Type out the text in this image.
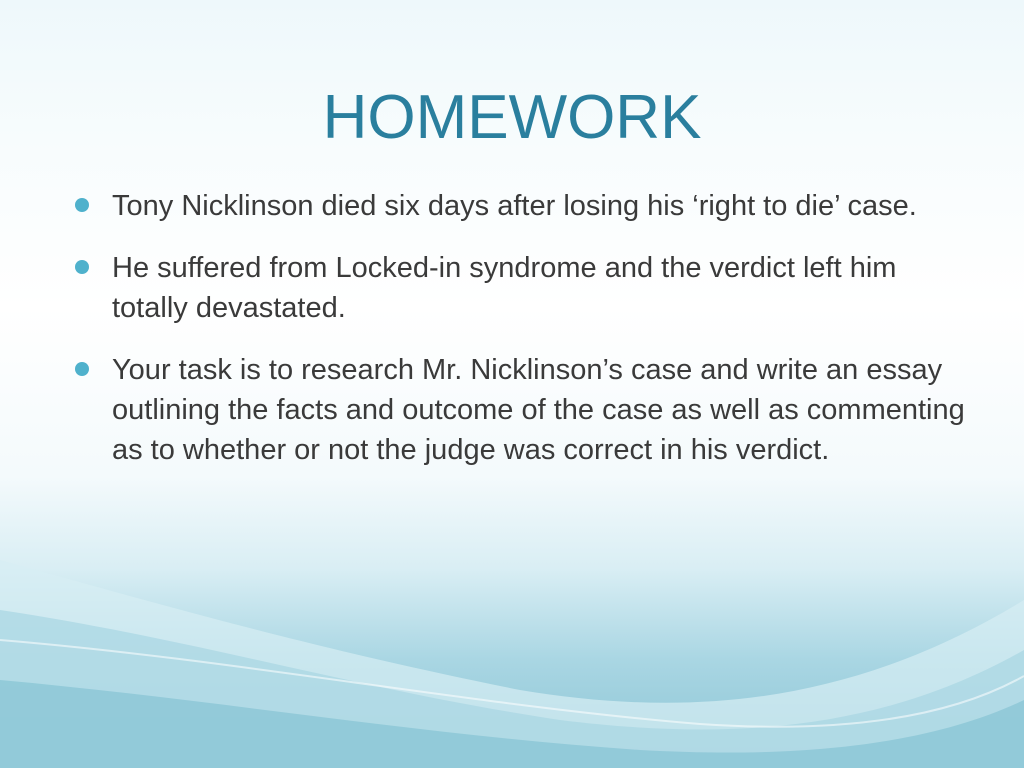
HOMEWORK
Tony Nicklinson died six days after losing his ‘right to die’ case.
He suffered from Locked-in syndrome and the verdict left him totally devastated.
Your task is to research Mr. Nicklinson’s case and write an essay outlining the facts and outcome of the case as well as commenting as to whether or not the judge was correct in his verdict.
